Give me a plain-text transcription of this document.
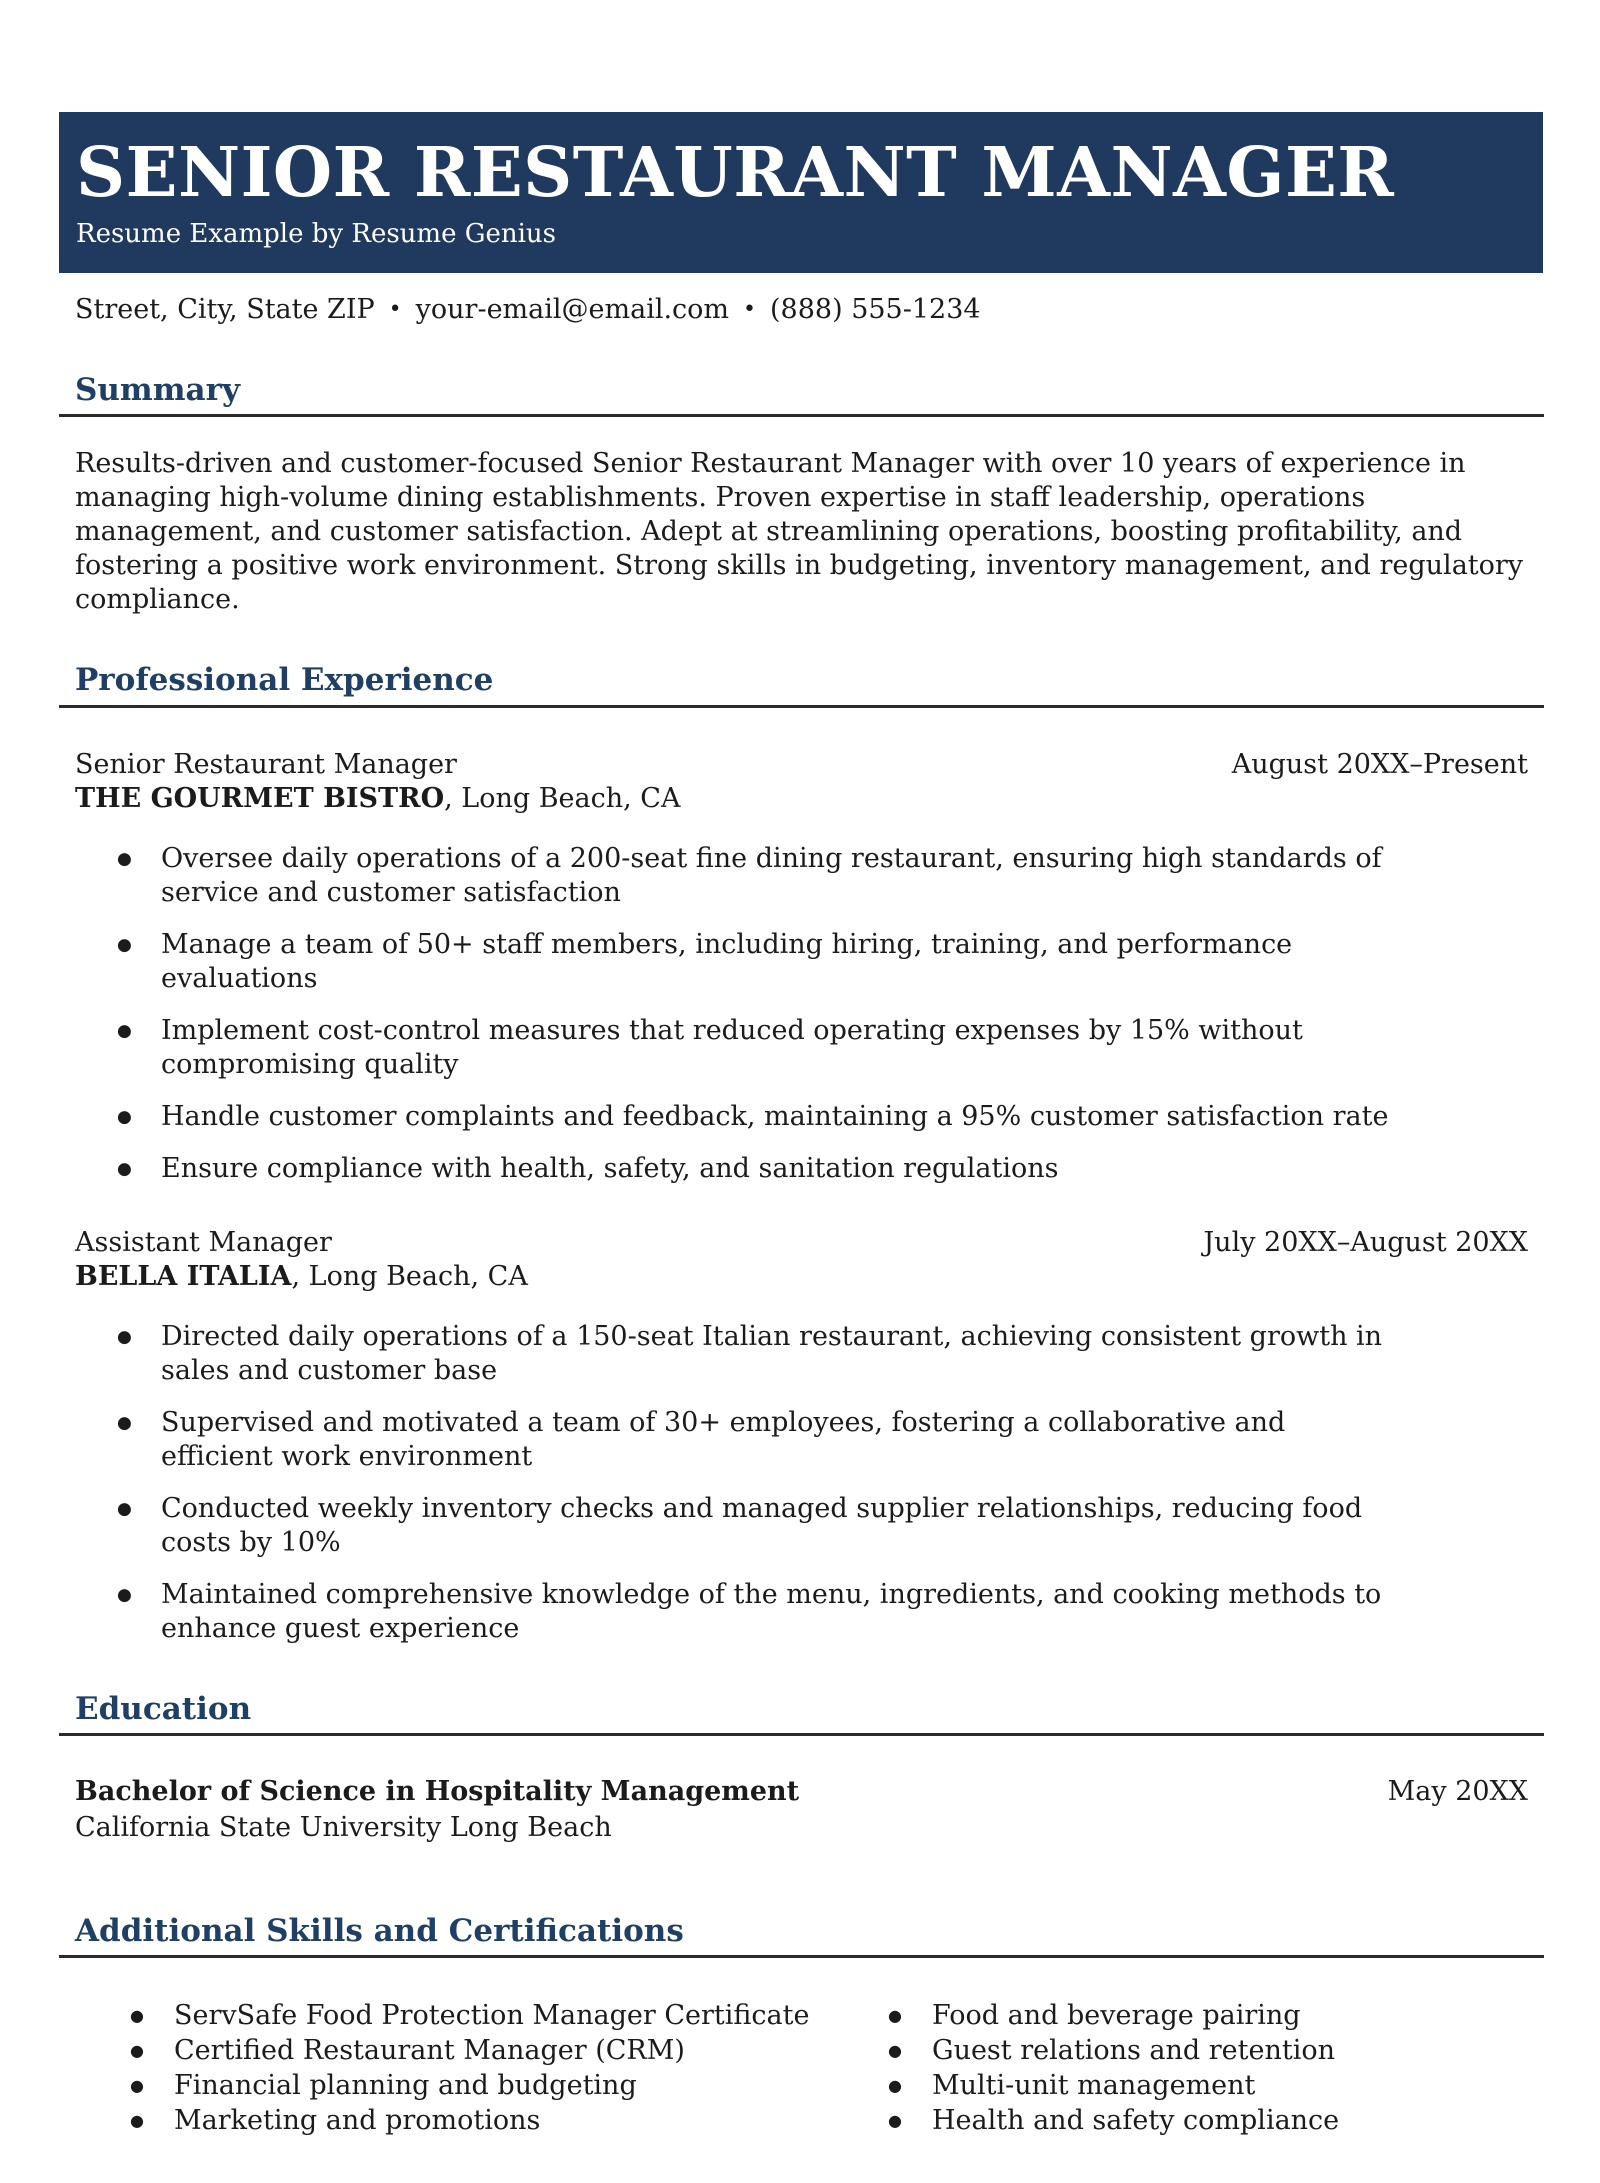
SENIOR RESTAURANT MANAGER
Resume Example by Resume Genius
Street, City, State ZIP • your-email@email.com • (888) 555-1234
Summary

Results-driven and customer-focused Senior Restaurant Manager with over 10 years of experience in managing high-volume dining establishments. Proven expertise in staff leadership, operations management, and customer satisfaction. Adept at streamlining operations, boosting profitability, and fostering a positive work environment. Strong skills in budgeting, inventory management, and regulatory compliance.

Professional Experience
Senior Restaurant Manager	August 20XX–Present
THE GOURMET BISTRO, Long Beach, CA
● Oversee daily operations of a 200-seat fine dining restaurant, ensuring high standards of service and customer satisfaction
● Manage a team of 50+ staff members, including hiring, training, and performance evaluations
● Implement cost-control measures that reduced operating expenses by 15% without compromising quality
● Handle customer complaints and feedback, maintaining a 95% customer satisfaction rate
● Ensure compliance with health, safety, and sanitation regulations
Assistant Manager	July 20XX–August 20XX
BELLA ITALIA, Long Beach, CA
● Directed daily operations of a 150-seat Italian restaurant, achieving consistent growth in sales and customer base
● Supervised and motivated a team of 30+ employees, fostering a collaborative and efficient work environment
● Conducted weekly inventory checks and managed supplier relationships, reducing food costs by 10%
● Maintained comprehensive knowledge of the menu, ingredients, and cooking methods to enhance guest experience
Education
Bachelor of Science in Hospitality Management	May 20XX
California State University Long Beach
Additional Skills and Certifications
● ServSafe Food Protection Manager Certificate
● Certified Restaurant Manager (CRM)
● Financial planning and budgeting
● Marketing and promotions
● Food and beverage pairing
● Guest relations and retention
● Multi-unit management
● Health and safety compliance
